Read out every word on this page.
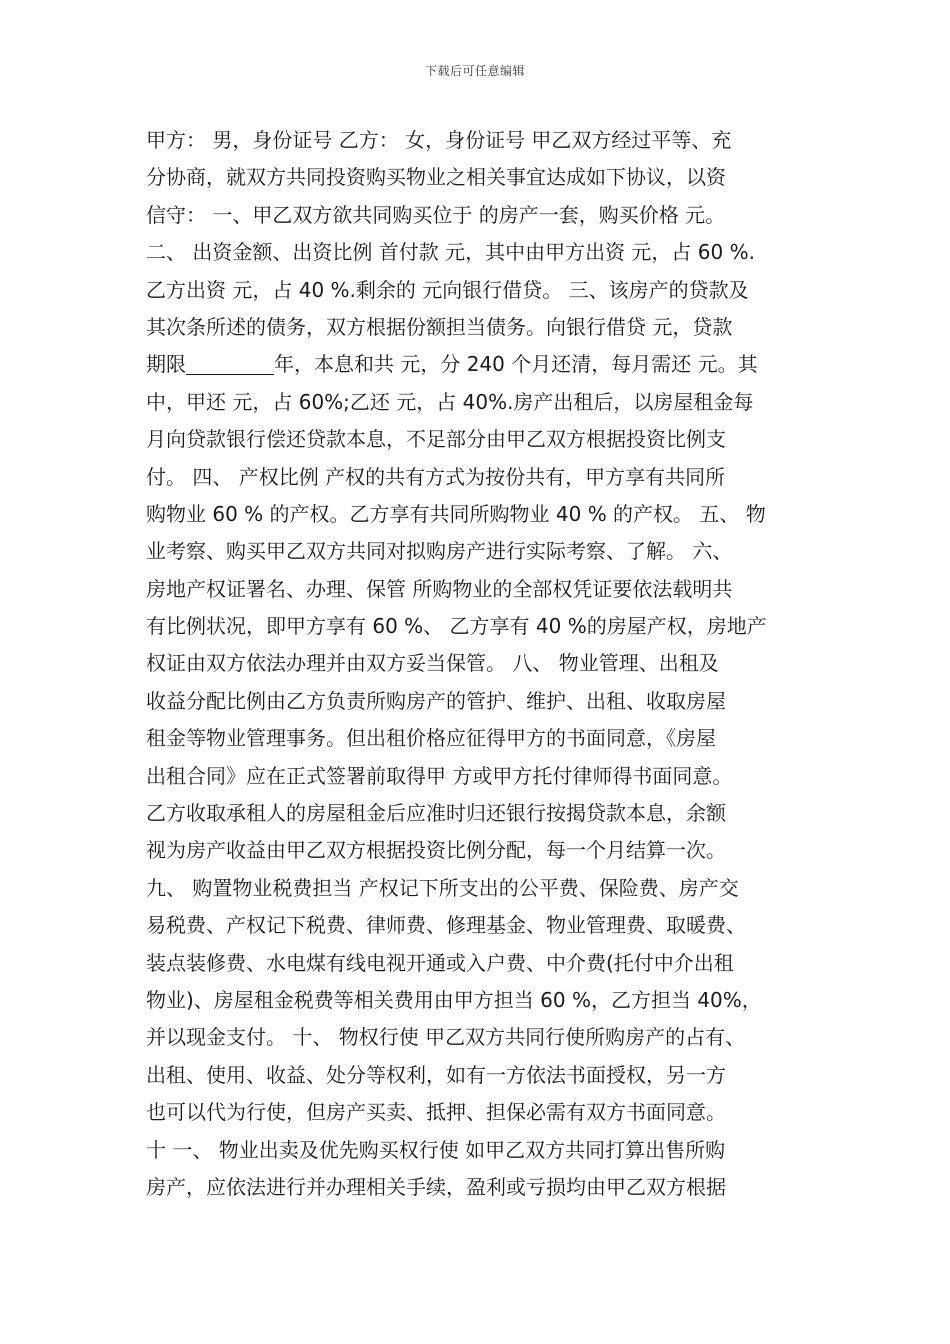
下载后可任意编辑
甲方： 男，身份证号 乙方： 女，身份证号 甲乙双方经过平等、充
分协商，就双方共同投资购买物业之相关事宜达成如下协议，以资
信守： 一、甲乙双方欲共同购买位于 的房产一套，购买价格 元。
二、 出资金额、出资比例 首付款 元，其中由甲方出资 元，占 60 %.
乙方出资 元，占 40 %.剩余的 元向银行借贷。 三、该房产的贷款及
其次条所述的债务，双方根据份额担当债务。向银行借贷 元，贷款
期限	年，本息和共 元，分 240 个月还清，每月需还 元。其
中，甲还 元，占 60%;乙还 元，占 40%.房产出租后，以房屋租金每
月向贷款银行偿还贷款本息，不足部分由甲乙双方根据投资比例支
付。 四、 产权比例 产权的共有方式为按份共有，甲方享有共同所
购物业 60 % 的产权。乙方享有共同所购物业 40 % 的产权。 五、 物
业考察、购买甲乙双方共同对拟购房产进行实际考察、了解。 六、
房地产权证署名、办理、保管 所购物业的全部权凭证要依法载明共
有比例状况，即甲方享有 60 %、 乙方享有 40 %的房屋产权，房地产
权证由双方依法办理并由双方妥当保管。 八、 物业管理、出租及
收益分配比例由乙方负责所购房产的管护、维护、出租、收取房屋
租金等物业管理事务。但出租价格应征得甲方的书面同意，《房屋
出租合同》应在正式签署前取得甲 方或甲方托付律师得书面同意。
乙方收取承租人的房屋租金后应准时归还银行按揭贷款本息，余额
视为房产收益由甲乙双方根据投资比例分配，每一个月结算一次。
九、 购置物业税费担当 产权记下所支出的公平费、保险费、房产交
易税费、产权记下税费、律师费、修理基金、物业管理费、取暖费、
装点装修费、水电煤有线电视开通或入户费、中介费(托付中介出租
物业)、房屋租金税费等相关费用由甲方担当 60 %，乙方担当 40%，
并以现金支付。 十、 物权行使 甲乙双方共同行使所购房产的占有、
出租、使用、收益、处分等权利，如有一方依法书面授权，另一方
也可以代为行使，但房产买卖、抵押、担保必需有双方书面同意。
十 一、 物业出卖及优先购买权行使 如甲乙双方共同打算出售所购
房产，应依法进行并办理相关手续，盈利或亏损均由甲乙双方根据
